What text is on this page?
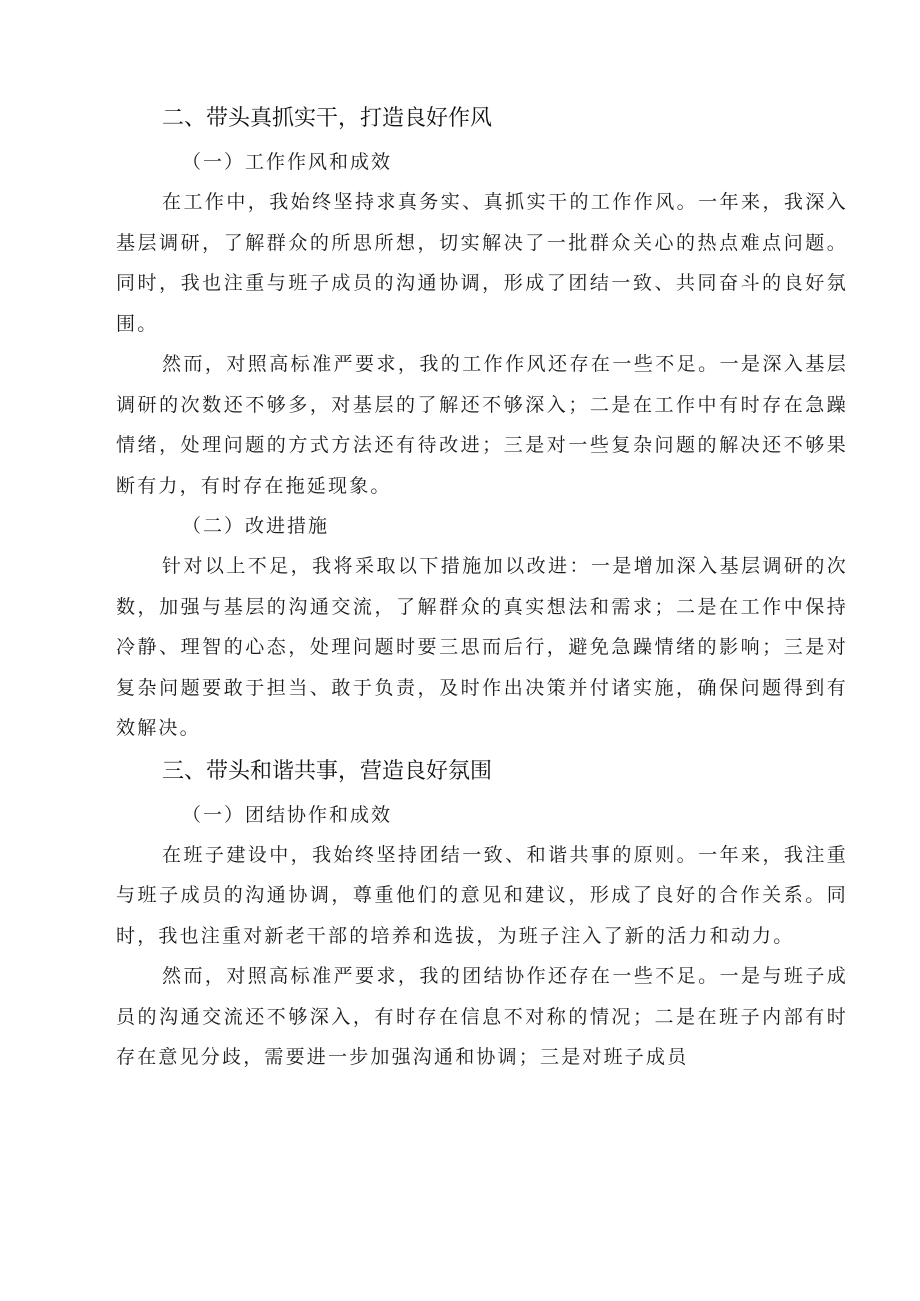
二、带头真抓实干，打造良好作风
（一）工作作风和成效

在工作中，我始终坚持求真务实、真抓实干的工作作风。一年来，我深入基层调研，了解群众的所思所想，切实解决了一批群众关心的热点难点问题。同时，我也注重与班子成员的沟通协调，形成了团结一致、共同奋斗的良好氛围。

然而，对照高标准严要求，我的工作作风还存在一些不足。一是深入基层调研的次数还不够多，对基层的了解还不够深入；二是在工作中有时存在急躁情绪，处理问题的方式方法还有待改进；三是对一些复杂问题的解决还不够果断有力，有时存在拖延现象。

（二）改进措施

针对以上不足，我将采取以下措施加以改进：一是增加深入基层调研的次数，加强与基层的沟通交流，了解群众的真实想法和需求；二是在工作中保持冷静、理智的心态，处理问题时要三思而后行，避免急躁情绪的影响；三是对复杂问题要敢于担当、敢于负责，及时作出决策并付诸实施，确保问题得到有效解决。

三、带头和谐共事，营造良好氛围
（一）团结协作和成效

在班子建设中，我始终坚持团结一致、和谐共事的原则。一年来，我注重与班子成员的沟通协调，尊重他们的意见和建议，形成了良好的合作关系。同时，我也注重对新老干部的培养和选拔，为班子注入了新的活力和动力。

然而，对照高标准严要求，我的团结协作还存在一些不足。一是与班子成员的沟通交流还不够深入，有时存在信息不对称的情况；二是在班子内部有时存在意见分歧，需要进一步加强沟通和协调；三是对班子成员
